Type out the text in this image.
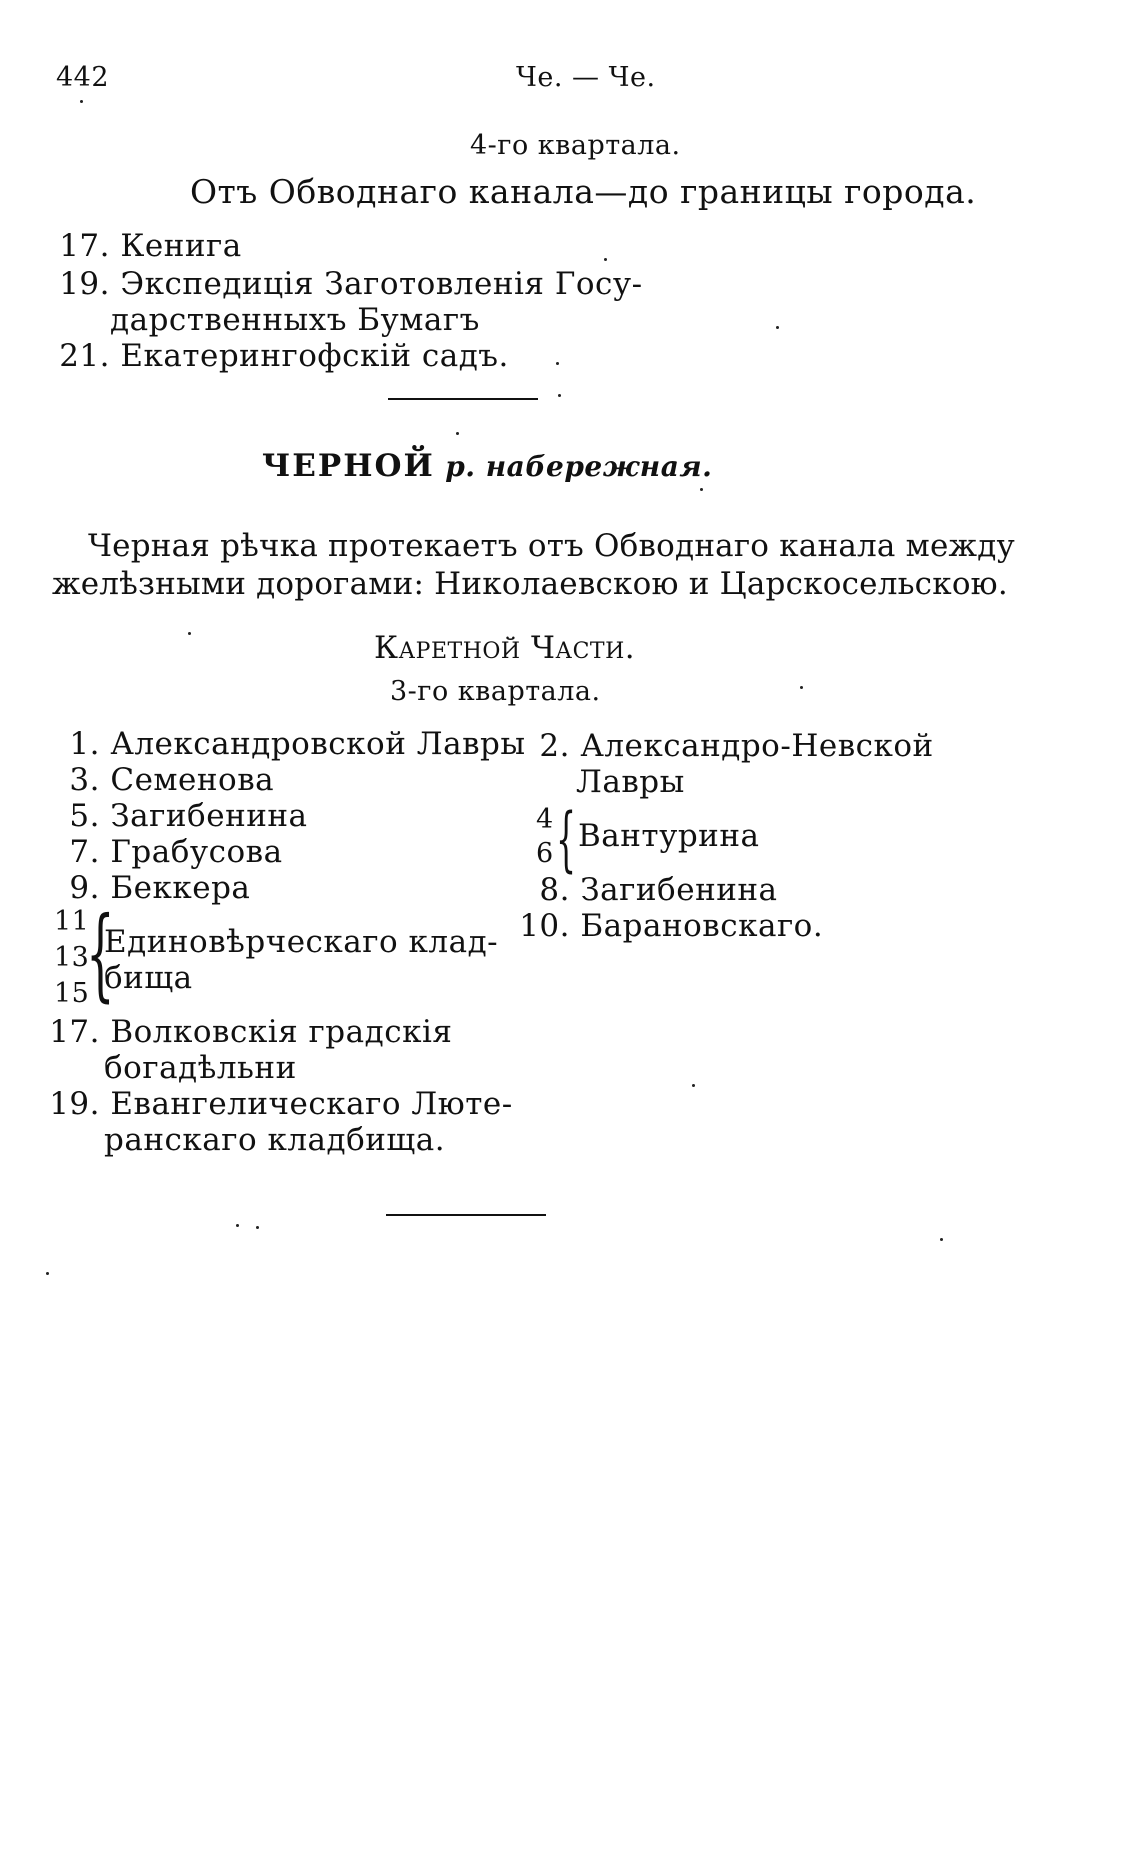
442	Че. — Че.
4-го квартала.
Отъ Обводнаго канала—до границы города.
17. Кенига
19. Экспедиція Заготовленія Госу-
дарственныхъ Бумагъ
21. Екатерингофскій садъ.
ЧЕРНОЙ р. набережная.
Черная рѣчка протекаетъ отъ Обводнаго канала между
желѣзными дорогами: Николаевскою и Царскосельскою.
Каретной Части.
3-го квартала.
1. Александровской Лавры
3. Семенова
5. Загибенина
7. Грабусова
9. Беккера
11
13
15
{
Единовѣрческаго клад-
бища
17. Волковскія градскія
богадѣльни
19. Евангелическаго Люте-
ранскаго кладбища.
2. Александро-Невской
Лавры
4
6 { Вантурина
8. Загибенина
10. Барановскаго.
